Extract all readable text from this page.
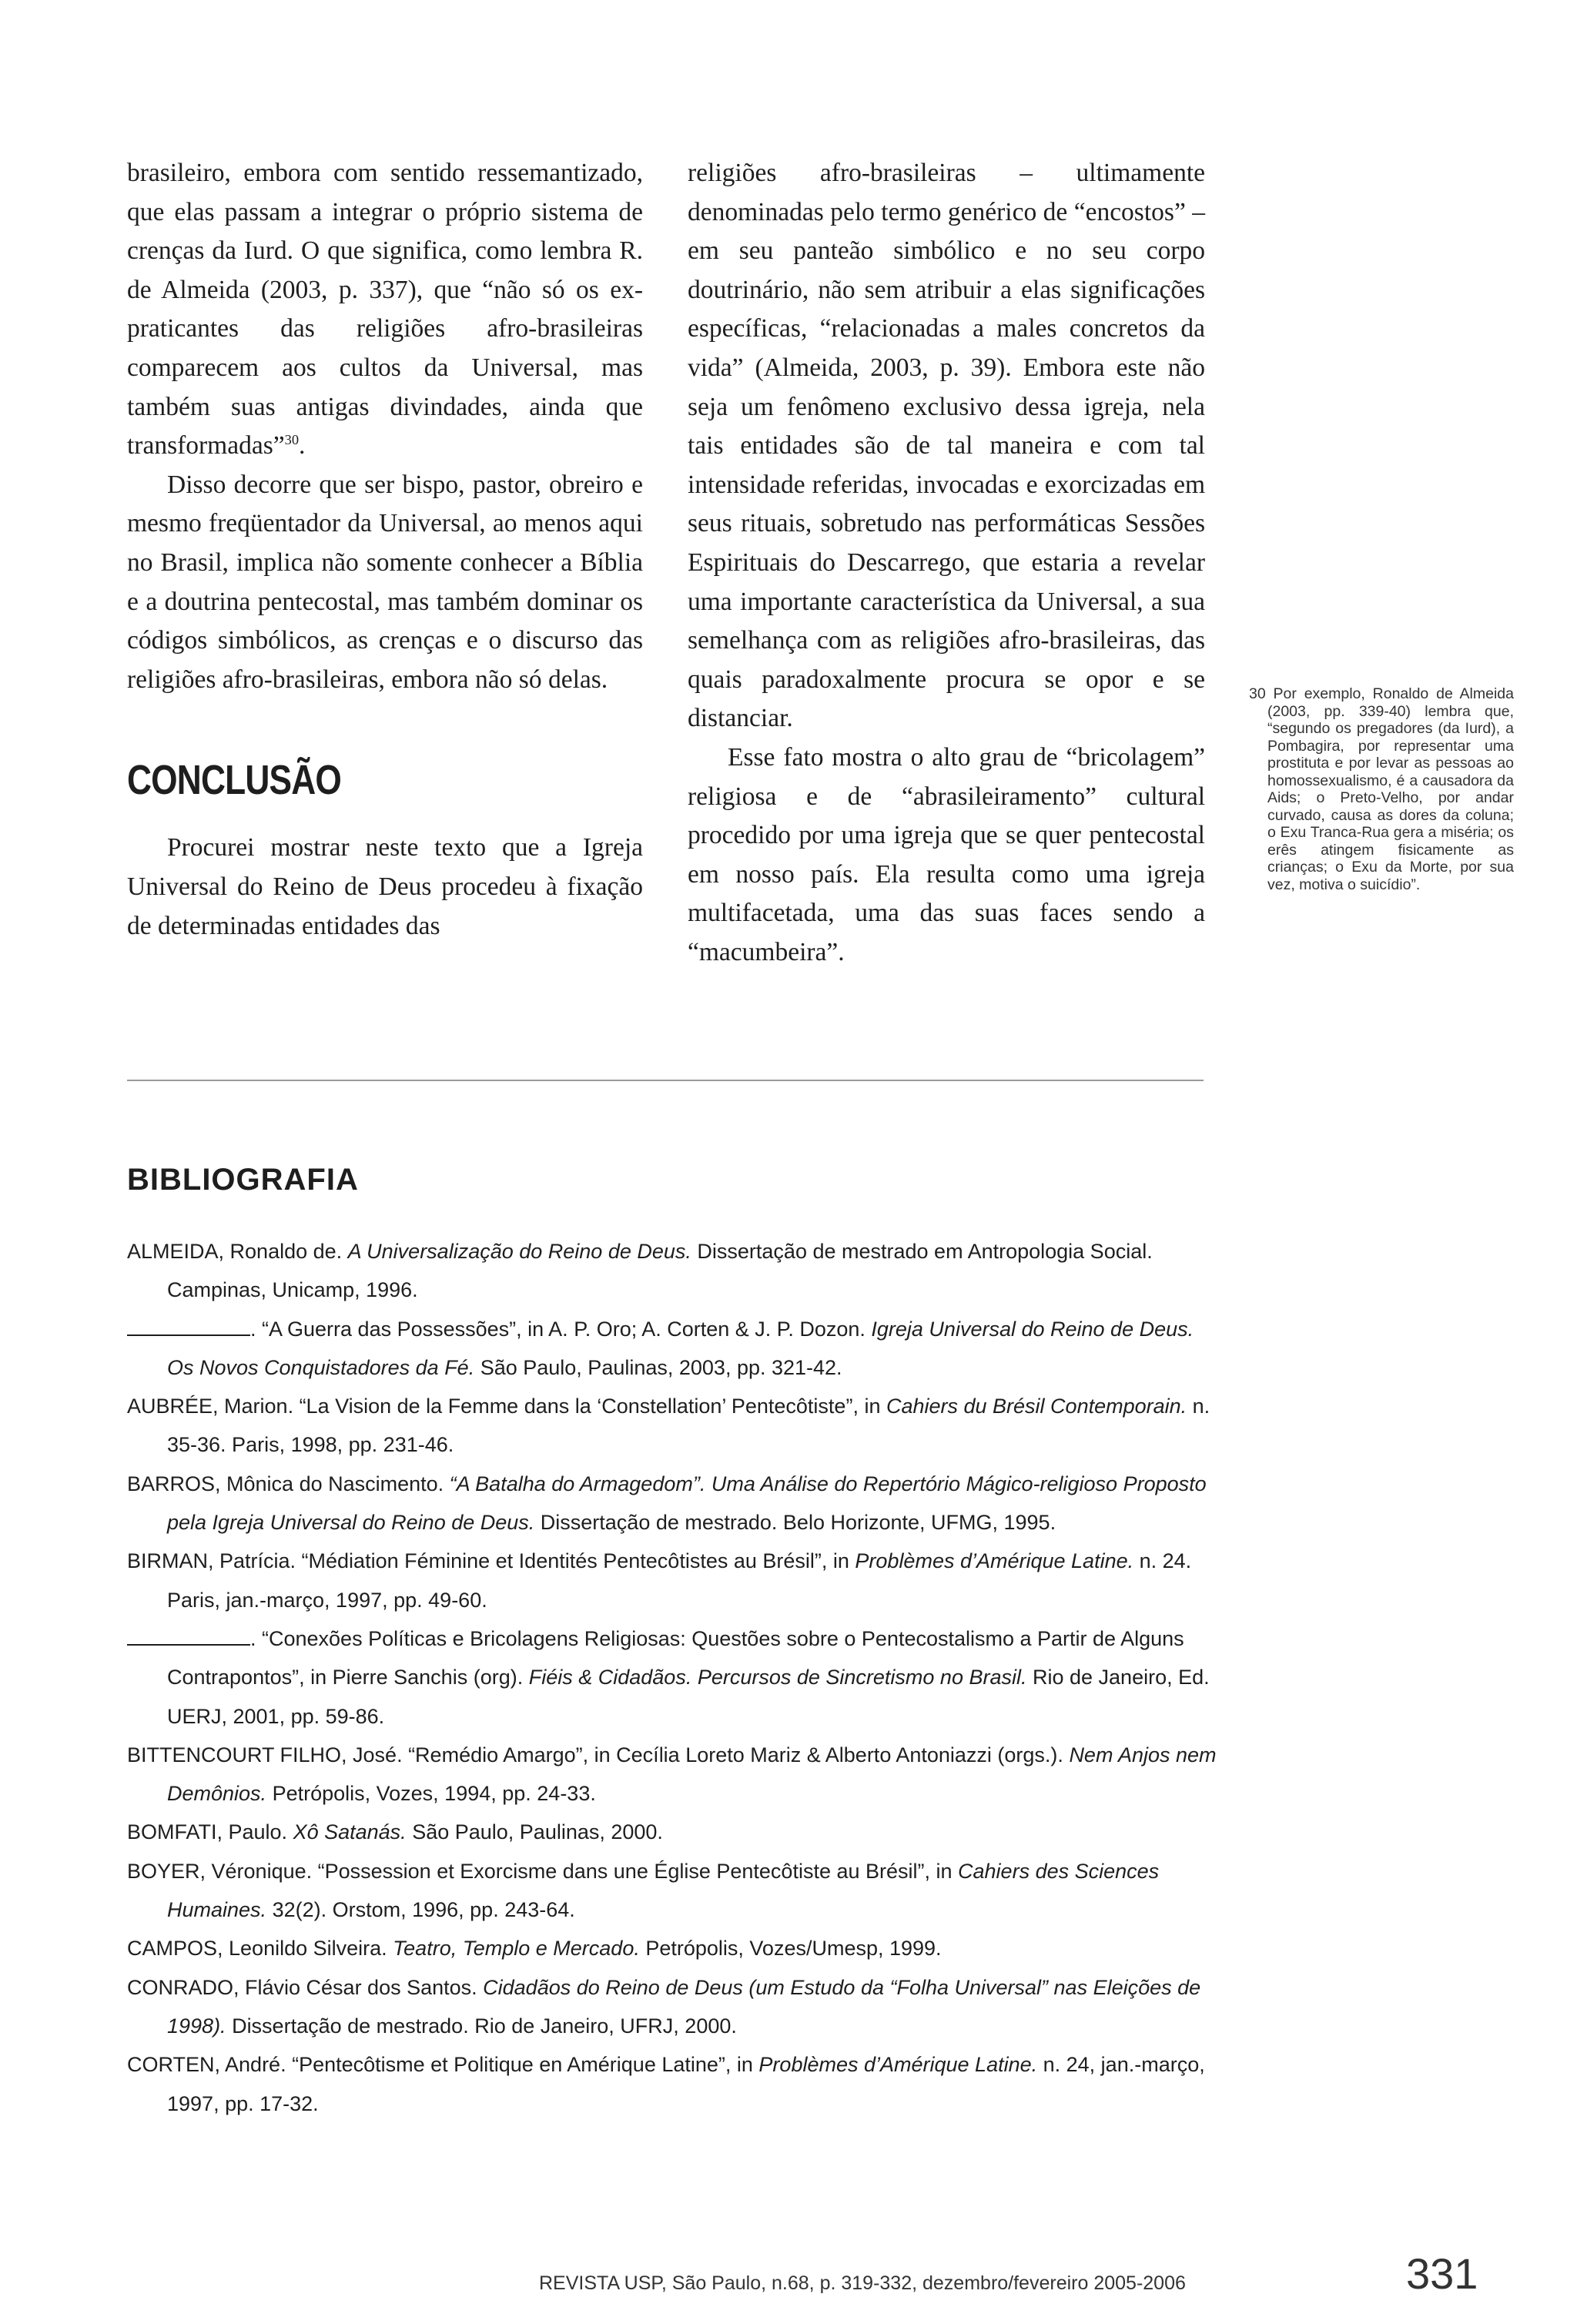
brasileiro, embora com sentido ressemantizado, que elas passam a integrar o próprio sistema de crenças da Iurd. O que significa, como lembra R. de Almeida (2003, p. 337), que “não só os ex-praticantes das religiões afro-brasileiras comparecem aos cultos da Universal, mas também suas antigas divindades, ainda que transformadas”$^{30}$.

Disso decorre que ser bispo, pastor, obreiro e mesmo freqüentador da Universal, ao menos aqui no Brasil, implica não somente conhecer a Bíblia e a doutrina pentecostal, mas também dominar os códigos simbólicos, as crenças e o discurso das religiões afro-brasileiras, embora não só delas.

CONCLUSÃO

Procurei mostrar neste texto que a Igreja Universal do Reino de Deus procedeu à fixação de determinadas entidades das

religiões afro-brasileiras – ultimamente denominadas pelo termo genérico de “encostos” – em seu panteão simbólico e no seu corpo doutrinário, não sem atribuir a elas significações específicas, “relacionadas a males concretos da vida” (Almeida, 2003, p. 39). Embora este não seja um fenômeno exclusivo dessa igreja, nela tais entidades são de tal maneira e com tal intensidade referidas, invocadas e exorcizadas em seus rituais, sobretudo nas performáticas Sessões Espirituais do Descarrego, que estaria a revelar uma importante característica da Universal, a sua semelhança com as religiões afro-brasileiras, das quais paradoxalmente procura se opor e se distanciar.

Esse fato mostra o alto grau de “bricolagem” religiosa e de “abrasileiramento” cultural procedido por uma igreja que se quer pentecostal em nosso país. Ela resulta como uma igreja multifacetada, uma das suas faces sendo a “macumbeira”.

30 Por exemplo, Ronaldo de Almeida (2003, pp. 339-40) lembra que, “segundo os pregadores (da Iurd), a Pombagira, por representar uma prostituta e por levar as pessoas ao homossexualismo, é a causadora da Aids; o Preto-Velho, por andar curvado, causa as dores da coluna; o Exu Tranca-Rua gera a miséria; os erês atingem fisicamente as crianças; o Exu da Morte, por sua vez, motiva o suicídio”.
BIBLIOGRAFIA
ALMEIDA, Ronaldo de. A Universalização do Reino de Deus. Dissertação de mestrado em Antropologia Social. Campinas, Unicamp, 1996.
. “A Guerra das Possessões”, in A. P. Oro; A. Corten & J. P. Dozon. Igreja Universal do Reino de Deus. Os Novos Conquistadores da Fé. São Paulo, Paulinas, 2003, pp. 321-42.
AUBRÉE, Marion. “La Vision de la Femme dans la ‘Constellation’ Pentecôtiste”, in Cahiers du Brésil Contemporain. n. 35-36. Paris, 1998, pp. 231-46.
BARROS, Mônica do Nascimento. “A Batalha do Armagedom”. Uma Análise do Repertório Mágico-religioso Proposto pela Igreja Universal do Reino de Deus. Dissertação de mestrado. Belo Horizonte, UFMG, 1995.
BIRMAN, Patrícia. “Médiation Féminine et Identités Pentecôtistes au Brésil”, in Problèmes d’Amérique Latine. n. 24. Paris, jan.-março, 1997, pp. 49-60.
. “Conexões Políticas e Bricolagens Religiosas: Questões sobre o Pentecostalismo a Partir de Alguns Contrapontos”, in Pierre Sanchis (org). Fiéis & Cidadãos. Percursos de Sincretismo no Brasil. Rio de Janeiro, Ed. UERJ, 2001, pp. 59-86.
BITTENCOURT FILHO, José. “Remédio Amargo”, in Cecília Loreto Mariz & Alberto Antoniazzi (orgs.). Nem Anjos nem Demônios. Petrópolis, Vozes, 1994, pp. 24-33.
BOMFATI, Paulo. Xô Satanás. São Paulo, Paulinas, 2000.
BOYER, Véronique. “Possession et Exorcisme dans une Église Pentecôtiste au Brésil”, in Cahiers des Sciences Humaines. 32(2). Orstom, 1996, pp. 243-64.
CAMPOS, Leonildo Silveira. Teatro, Templo e Mercado. Petrópolis, Vozes/Umesp, 1999.
CONRADO, Flávio César dos Santos. Cidadãos do Reino de Deus (um Estudo da “Folha Universal” nas Eleições de 1998). Dissertação de mestrado. Rio de Janeiro, UFRJ, 2000.
CORTEN, André. “Pentecôtisme et Politique en Amérique Latine”, in Problèmes d’Amérique Latine. n. 24, jan.-março, 1997, pp. 17-32.
REVISTA USP, São Paulo, n.68, p. 319-332, dezembro/fevereiro 2005-2006	331
